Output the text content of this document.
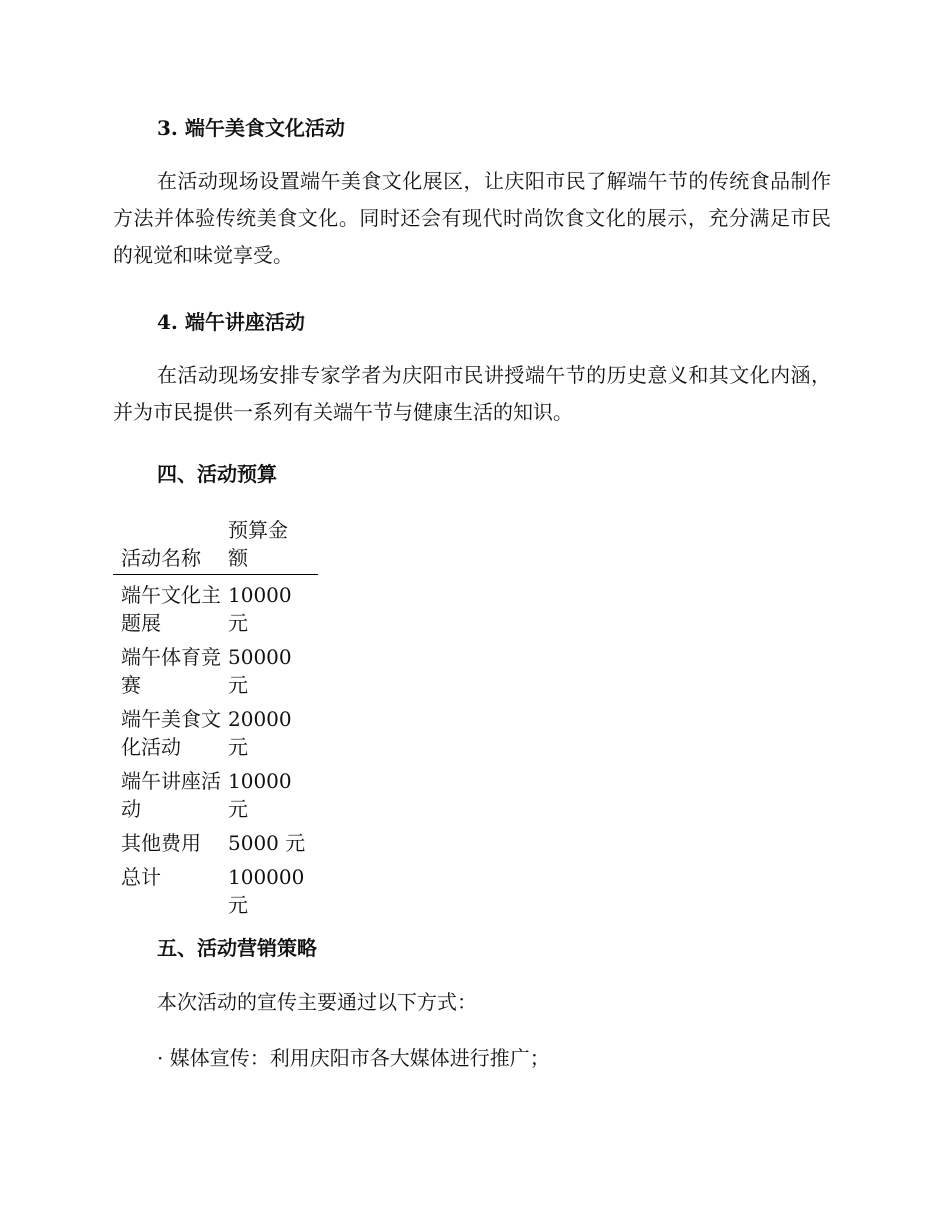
3. 端午美食文化活动

在活动现场设置端午美食文化展区，让庆阳市民了解端午节的传统食品制作方法并体验传统美食文化。同时还会有现代时尚饮食文化的展示，充分满足市民的视觉和味觉享受。

4. 端午讲座活动

在活动现场安排专家学者为庆阳市民讲授端午节的历史意义和其文化内涵，并为市民提供一系列有关端午节与健康生活的知识。

四、活动预算
活动名称
预算金额
端午文化主题展
10000 元
端午体育竞赛
50000 元
端午美食文化活动
20000 元
端午讲座活动
10000 元
其他费用	5000 元
总计	100000 元
五、活动营销策略

本次活动的宣传主要通过以下方式：

· 媒体宣传：利用庆阳市各大媒体进行推广；
